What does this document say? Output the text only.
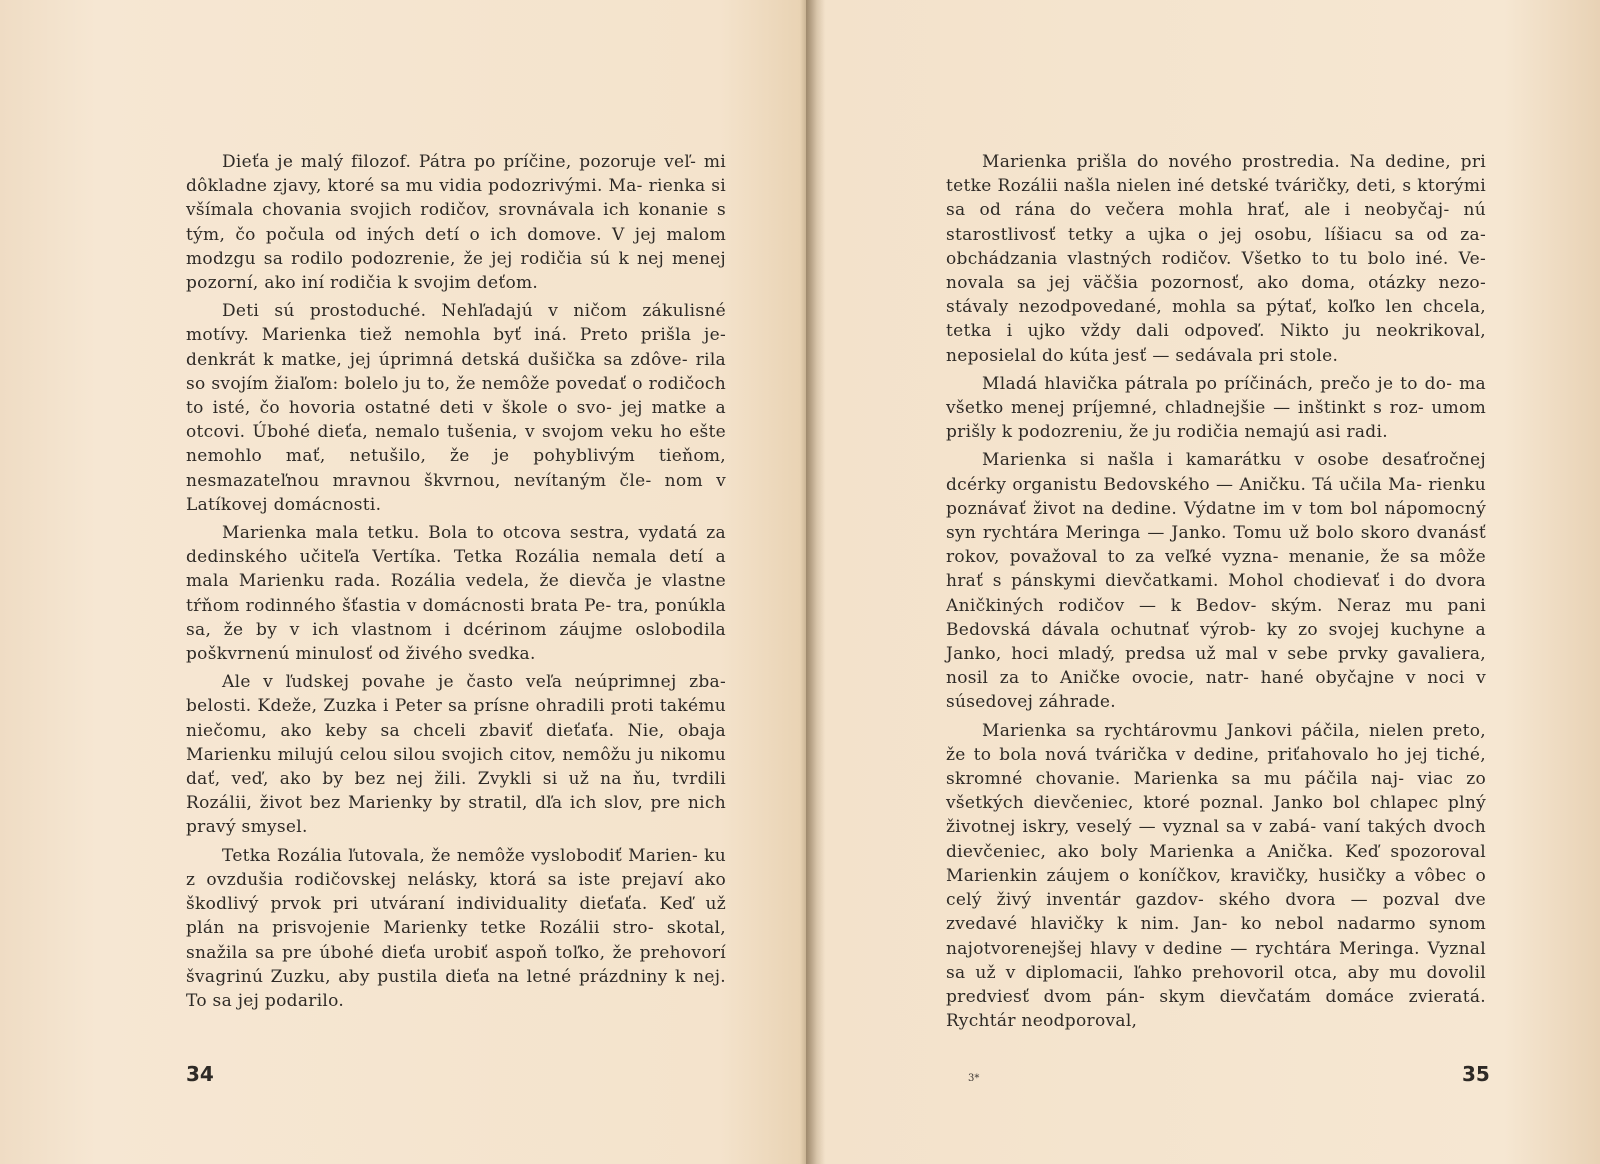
Dieťa je malý filozof. Pátra po príčine, pozoruje veľ- mi dôkladne zjavy, ktoré sa mu vidia podozrivými. Ma- rienka si všímala chovania svojich rodičov, srovnávala ich konanie s tým, čo počula od iných detí o ich domove. V jej malom modzgu sa rodilo podozrenie, že jej rodičia sú k nej menej pozorní, ako iní rodičia k svojim deťom.

Deti sú prostoduché. Nehľadajú v ničom zákulisné motívy. Marienka tiež nemohla byť iná. Preto prišla je- denkrát k matke, jej úprimná detská dušička sa zdôve- rila so svojím žiaľom: bolelo ju to, že nemôže povedať o rodičoch to isté, čo hovoria ostatné deti v škole o svo- jej matke a otcovi. Úbohé dieťa, nemalo tušenia, v svojom veku ho ešte nemohlo mať, netušilo, že je pohyblivým tieňom, nesmazateľnou mravnou škvrnou, nevítaným čle- nom v Latíkovej domácnosti.

Marienka mala tetku. Bola to otcova sestra, vydatá za dedinského učiteľa Vertíka. Tetka Rozália nemala detí a mala Marienku rada. Rozália vedela, že dievča je vlastne tŕňom rodinného šťastia v domácnosti brata Pe- tra, ponúkla sa, že by v ich vlastnom i dcérinom záujme oslobodila poškvrnenú minulosť od živého svedka.

Ale v ľudskej povahe je často veľa neúprimnej zba- belosti. Kdeže, Zuzka i Peter sa prísne ohradili proti takému niečomu, ako keby sa chceli zbaviť dieťaťa. Nie, obaja Marienku milujú celou silou svojich citov, nemôžu ju nikomu dať, veď, ako by bez nej žili. Zvykli si už na ňu, tvrdili Rozálii, život bez Marienky by stratil, dľa ich slov, pre nich pravý smysel.

Tetka Rozália ľutovala, že nemôže vyslobodiť Marien- ku z ovzdušia rodičovskej nelásky, ktorá sa iste prejaví ako škodlivý prvok pri utváraní individuality dieťaťa. Keď už plán na prisvojenie Marienky tetke Rozálii stro- skotal, snažila sa pre úbohé dieťa urobiť aspoň toľko, že prehovorí švagrinú Zuzku, aby pustila dieťa na letné prázdniny k nej. To sa jej podarilo.

34

Marienka prišla do nového prostredia. Na dedine, pri tetke Rozálii našla nielen iné detské tváričky, deti, s ktorými sa od rána do večera mohla hrať, ale i neobyčaj- nú starostlivosť tetky a ujka o jej osobu, líšiacu sa od za- obchádzania vlastných rodičov. Všetko to tu bolo iné. Ve- novala sa jej väčšia pozornosť, ako doma, otázky nezo- stávaly nezodpovedané, mohla sa pýtať, koľko len chcela, tetka i ujko vždy dali odpoveď. Nikto ju neokrikoval, neposielal do kúta jesť — sedávala pri stole.

Mladá hlavička pátrala po príčinách, prečo je to do- ma všetko menej príjemné, chladnejšie — inštinkt s roz- umom prišly k podozreniu, že ju rodičia nemajú asi radi.

Marienka si našla i kamarátku v osobe desaťročnej dcérky organistu Bedovského — Aničku. Tá učila Ma- rienku poznávať život na dedine. Výdatne im v tom bol nápomocný syn rychtára Meringa — Janko. Tomu už bolo skoro dvanásť rokov, považoval to za veľké vyzna- menanie, že sa môže hrať s pánskymi dievčatkami. Mohol chodievať i do dvora Aničkiných rodičov — k Bedov- ským. Neraz mu pani Bedovská dávala ochutnať výrob- ky zo svojej kuchyne a Janko, hoci mladý, predsa už mal v sebe prvky gavaliera, nosil za to Aničke ovocie, natr- hané obyčajne v noci v súsedovej záhrade.

Marienka sa rychtárovmu Jankovi páčila, nielen preto, že to bola nová tvárička v dedine, priťahovalo ho jej tiché, skromné chovanie. Marienka sa mu páčila naj- viac zo všetkých dievčeniec, ktoré poznal. Janko bol chlapec plný životnej iskry, veselý — vyznal sa v zabá- vaní takých dvoch dievčeniec, ako boly Marienka a Anička. Keď spozoroval Marienkin záujem o koníčkov, kravičky, husičky a vôbec o celý živý inventár gazdov- ského dvora — pozval dve zvedavé hlavičky k nim. Jan- ko nebol nadarmo synom najotvorenejšej hlavy v dedine — rychtára Meringa. Vyznal sa už v diplomacii, ľahko prehovoril otca, aby mu dovolil predviesť dvom pán- skym dievčatám domáce zvieratá. Rychtár neodporoval,

3*	35
